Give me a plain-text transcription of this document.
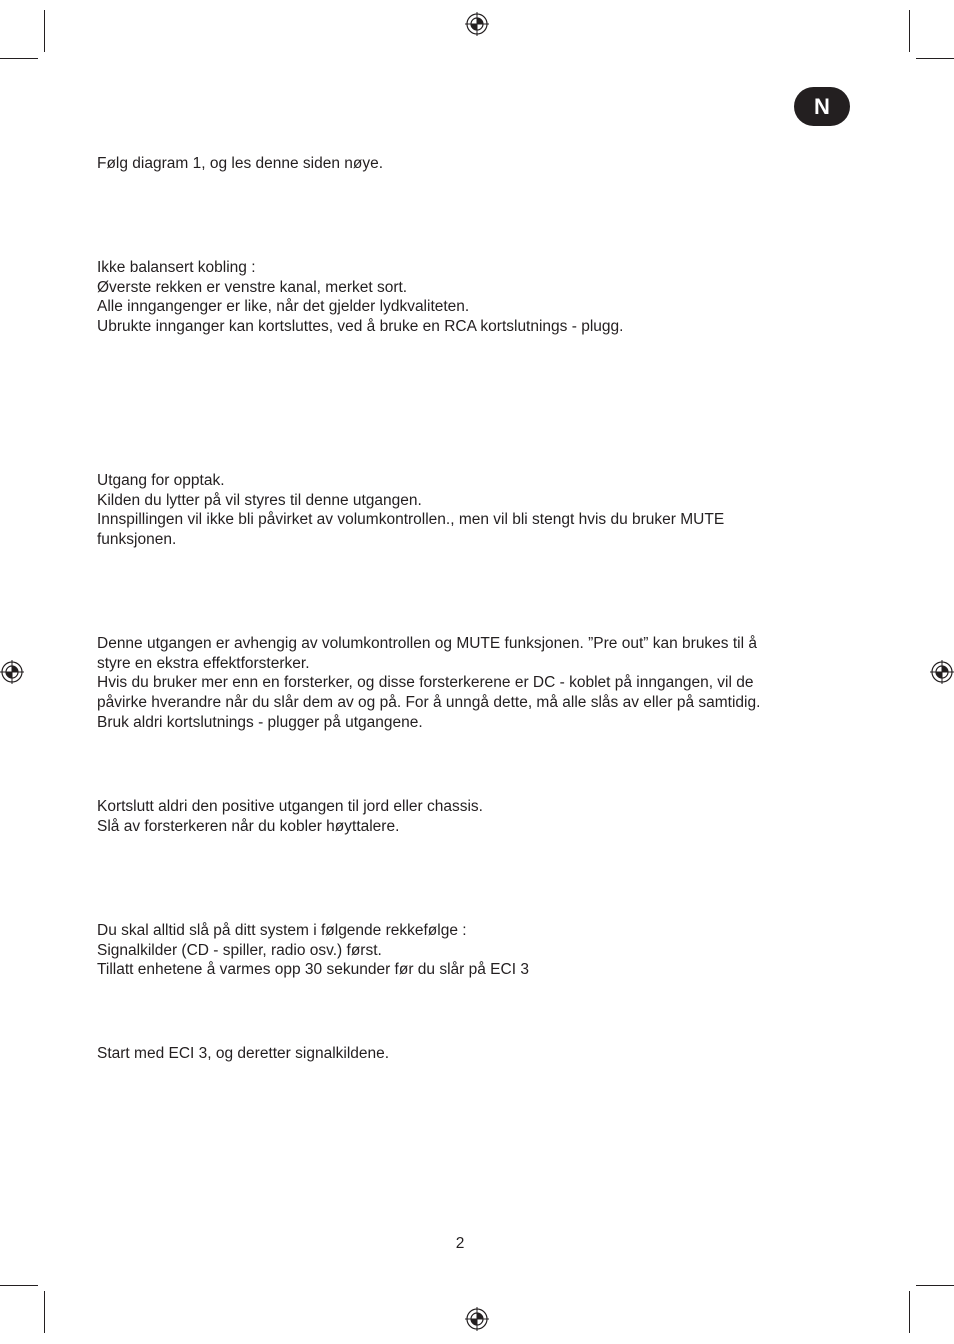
N

Følg diagram 1, og les denne siden nøye.

Ikke balansert kobling :
Øverste rekken er venstre kanal, merket sort.
Alle inngangenger er like, når det gjelder lydkvaliteten.
Ubrukte innganger kan kortsluttes, ved å bruke en RCA kortslutnings - plugg.

Utgang for opptak.
Kilden du lytter på vil styres til denne utgangen.
Innspillingen vil ikke bli påvirket av volumkontrollen., men vil bli stengt hvis du bruker MUTE
funksjonen.

Denne utgangen er avhengig av volumkontrollen og MUTE funksjonen. ”Pre out” kan brukes til å
styre en ekstra effektforsterker.
Hvis du bruker mer enn en forsterker, og disse forsterkerene er DC - koblet på inngangen, vil de
påvirke hverandre når du slår dem av og på. For å unngå dette, må alle slås av eller på samtidig.
Bruk aldri kortslutnings - plugger på utgangene.

Kortslutt aldri den positive utgangen til jord eller chassis.
Slå av forsterkeren når du kobler høyttalere.

Du skal alltid slå på ditt system i følgende rekkefølge :
Signalkilder (CD - spiller, radio osv.) først.
Tillatt enhetene å varmes opp 30 sekunder før du slår på ECI 3

Start med ECI 3, og deretter signalkildene.

2
